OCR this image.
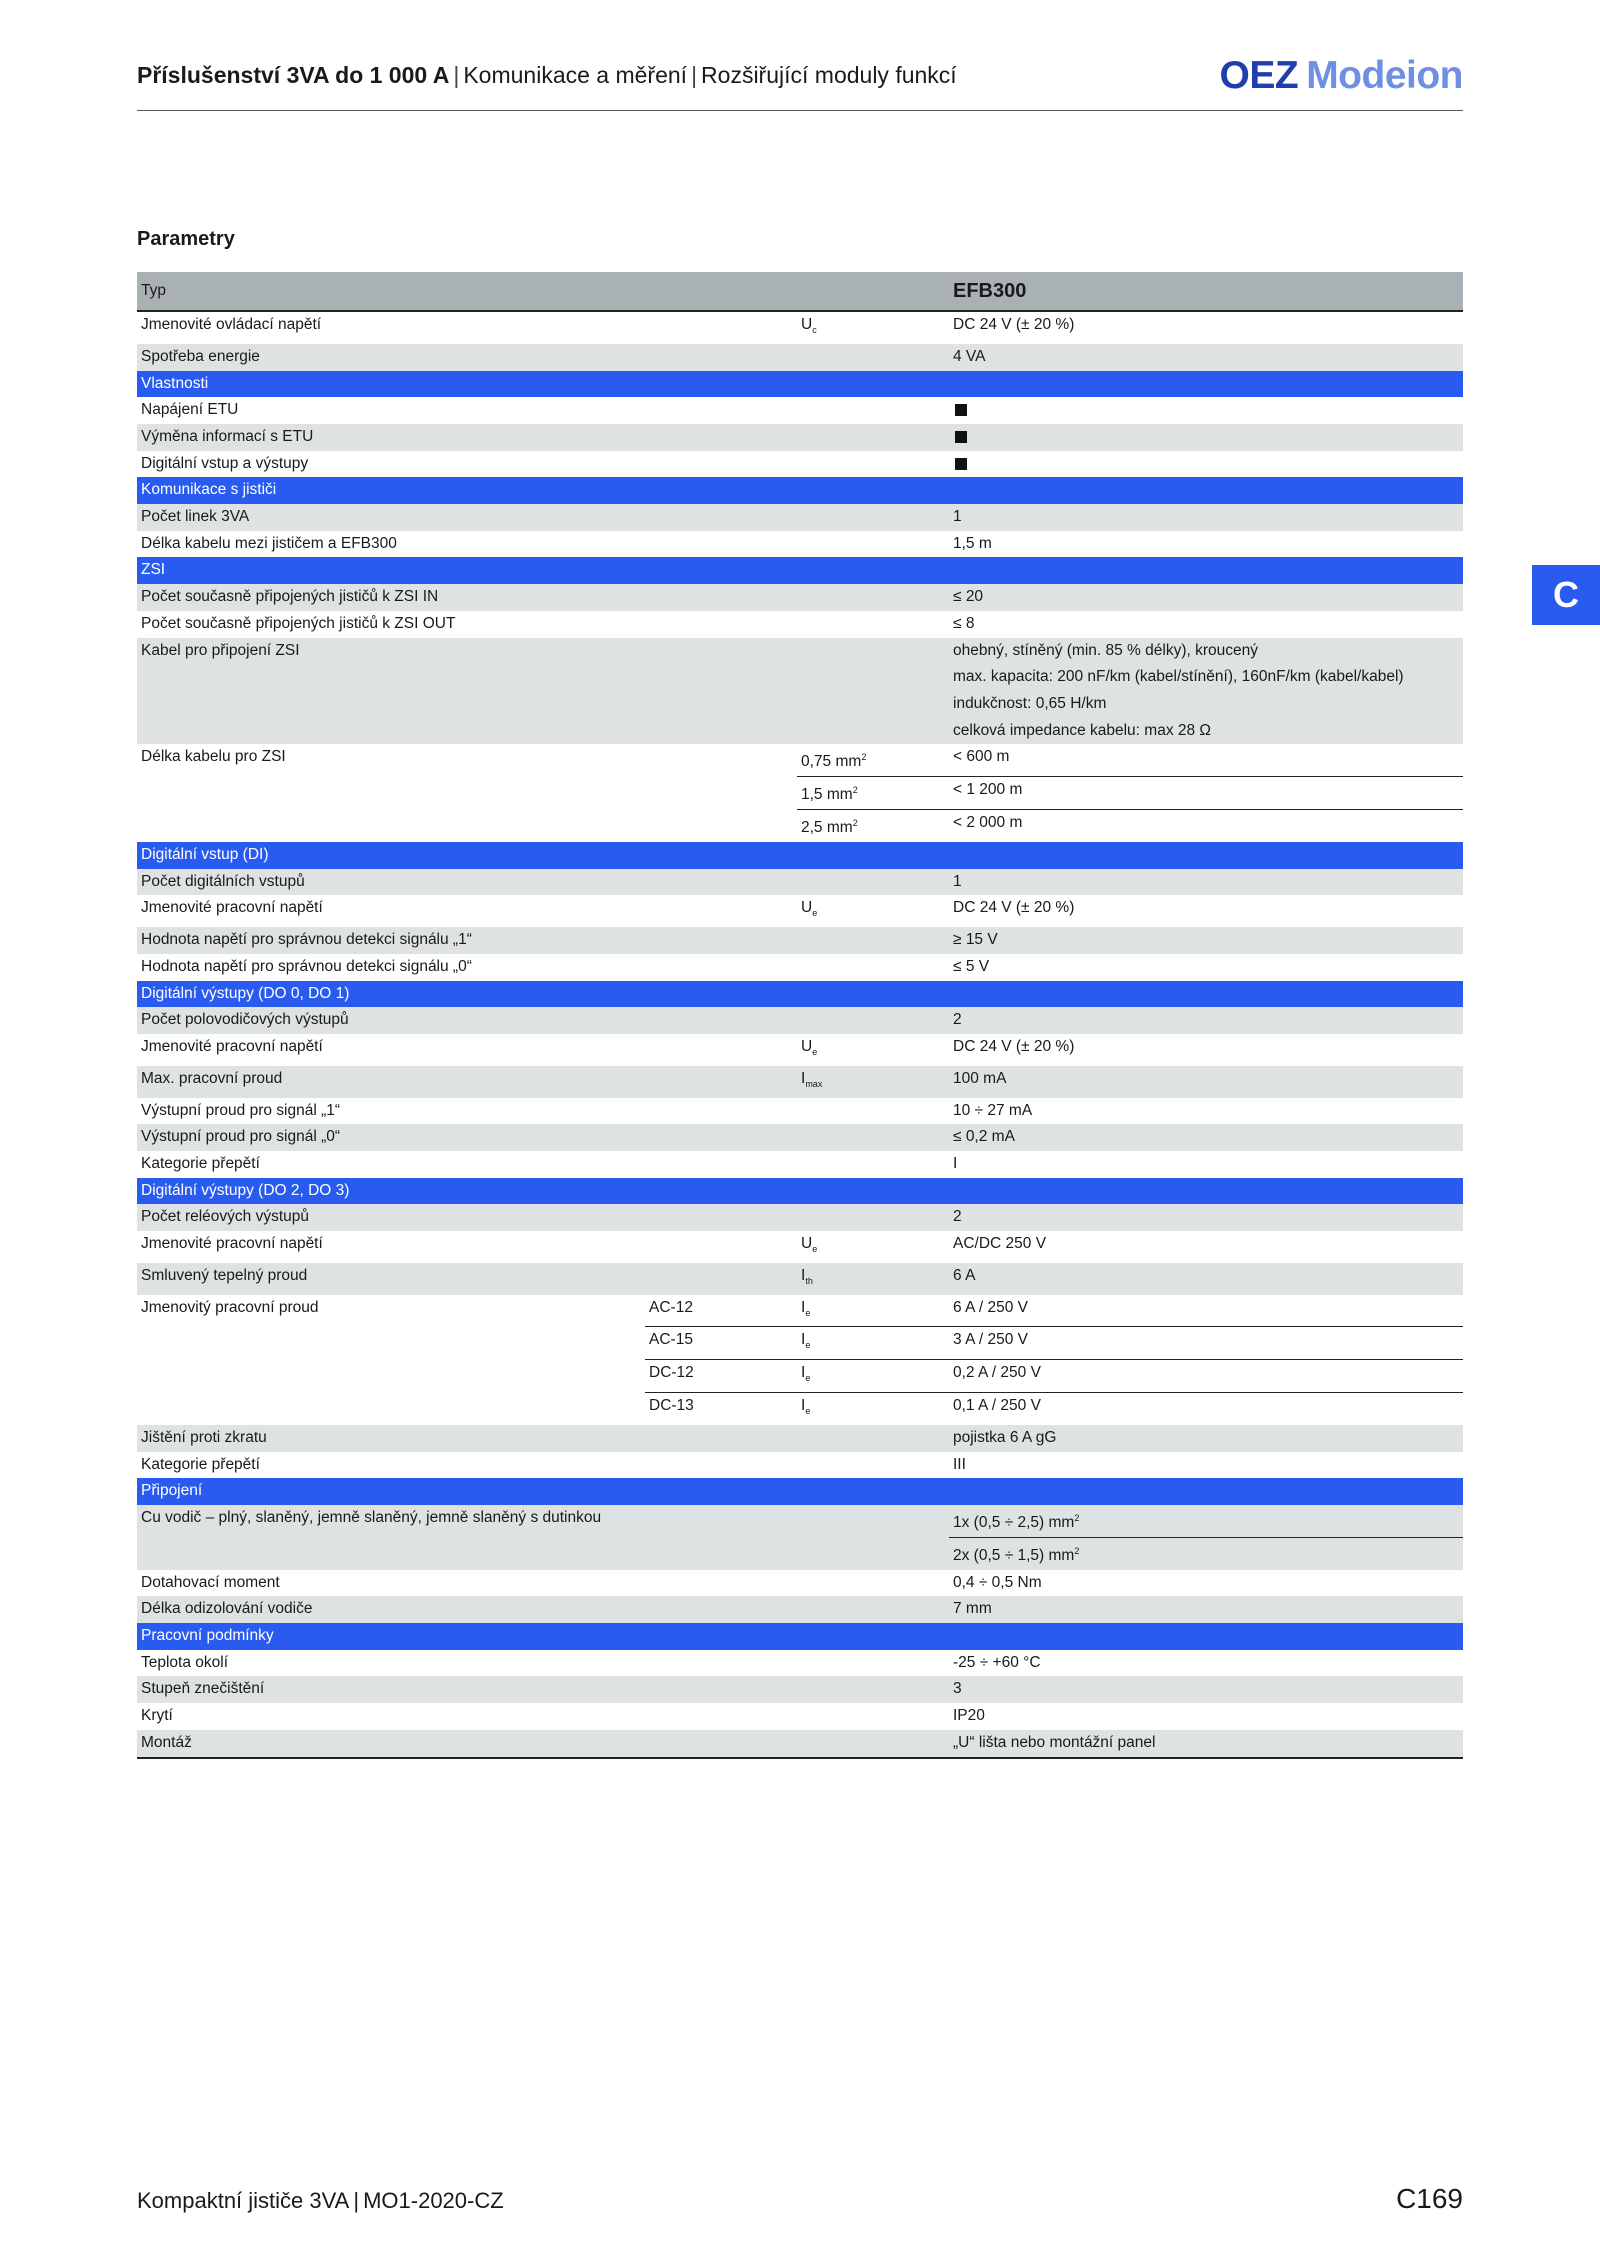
Příslušenství 3VA do 1 000 A | Komunikace a měření | Rozšiřující moduly funkcí	OEZ Modeion
Parametry
C
Typ			EFB300
Jmenovité ovládací napětí		$U_c$	DC 24 V (± 20 %)
Spotřeba energie			4 VA
Vlastnosti			
Napájení ETU			
Výměna informací s ETU			
Digitální vstup a výstupy			
Komunikace s jističi			
Počet linek 3VA			1
Délka kabelu mezi jističem a EFB300			1,5 m
ZSI			
Počet současně připojených jističů k ZSI IN			≤ 20
Počet současně připojených jističů k ZSI OUT			≤ 8
Kabel pro připojení ZSI			ohebný, stíněný (min. 85 % délky), kroucený
			max. kapacita: 200 nF/km (kabel/stínění), 160nF/km (kabel/kabel)
			indukčnost: 0,65 H/km
			celková impedance kabelu: max 28 Ω
Délka kabelu pro ZSI		0,75 $mm^2$	< 600 m
		1,5 $mm^2$	< 1 200 m
		2,5 $mm^2$	< 2 000 m
Digitální vstup (DI)			
Počet digitálních vstupů			1
Jmenovité pracovní napětí		$U_e$	DC 24 V (± 20 %)
Hodnota napětí pro správnou detekci signálu „1“			≥ 15 V
Hodnota napětí pro správnou detekci signálu „0“			≤ 5 V
Digitální výstupy (DO 0, DO 1)			
Počet polovodičových výstupů			2
Jmenovité pracovní napětí		$U_e$	DC 24 V (± 20 %)
Max. pracovní proud		$I_{max}$	100 mA
Výstupní proud pro signál „1“			10 ÷ 27 mA
Výstupní proud pro signál „0“			≤ 0,2 mA
Kategorie přepětí			I
Digitální výstupy (DO 2, DO 3)			
Počet reléových výstupů			2
Jmenovité pracovní napětí		$U_e$	AC/DC 250 V
Smluvený tepelný proud		$I_{th}$	6 A
Jmenovitý pracovní proud	AC-12	$I_e$	6 A / 250 V
	AC-15	$I_e$	3 A / 250 V
	DC-12	$I_e$	0,2 A / 250 V
	DC-13	$I_e$	0,1 A / 250 V
Jištění proti zkratu			pojistka 6 A gG
Kategorie přepětí			III
Připojení			
Cu vodič – plný, slaněný, jemně slaněný, jemně slaněný s dutinkou			1x (0,5 ÷ 2,5) $mm^2$
			2x (0,5 ÷ 1,5) $mm^2$
Dotahovací moment			0,4 ÷ 0,5 Nm
Délka odizolování vodiče			7 mm
Pracovní podmínky			
Teplota okolí			-25 ÷ +60 °C
Stupeň znečištění			3
Krytí			IP20
Montáž			„U“ lišta nebo montážní panel
Kompaktní jističe 3VA | MO1-2020-CZ	C169
